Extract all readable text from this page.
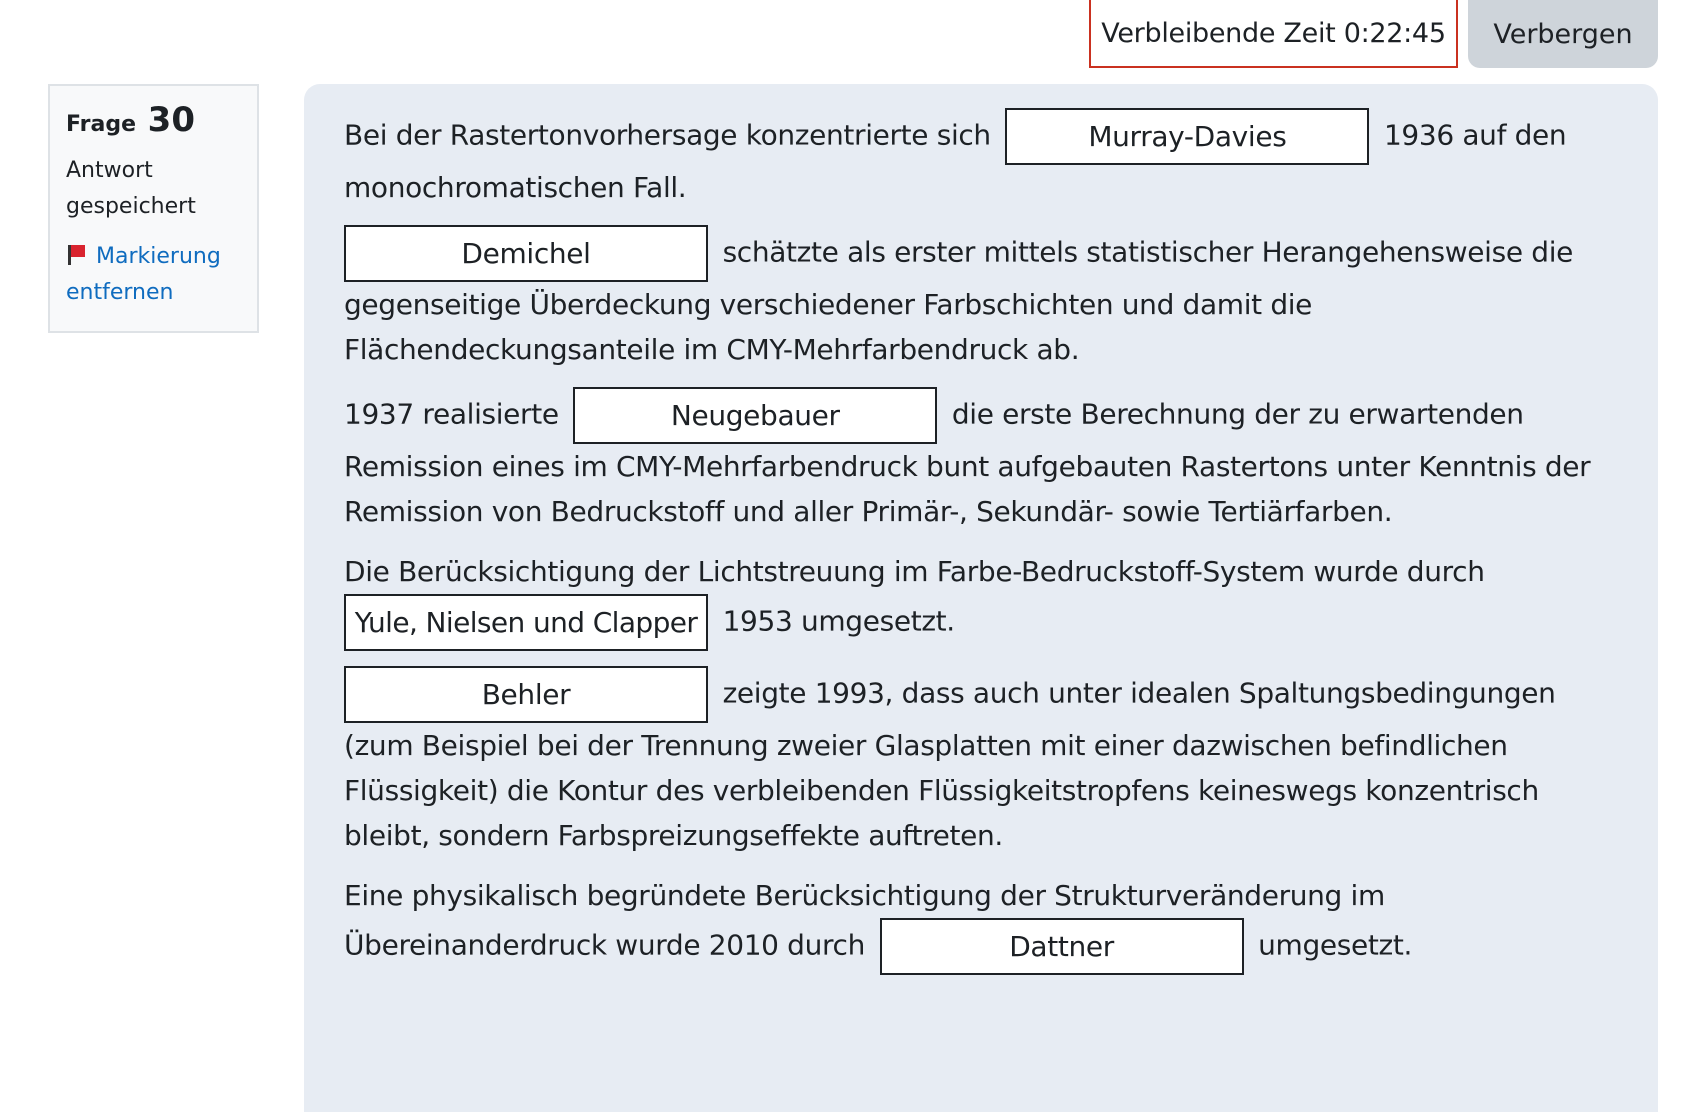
Verbleibende Zeit 0:22:45	Verbergen
Frage 30
Antwort gespeichert
Markierung entfernen

Bei der Rastertonvorhersage konzentrierte sich	Murray-Davies	1936 auf den monochromatischen Fall.

Demichel	schätzte als erster mittels statistischer Herangehensweise die gegenseitige Überdeckung verschiedener Farbschichten und damit die Flächendeckungsanteile im CMY-Mehrfarbendruck ab.

1937 realisierte	Neugebauer	die erste Berechnung der zu erwartenden Remission eines im CMY-Mehrfarbendruck bunt aufgebauten Rastertons unter Kenntnis der Remission von Bedruckstoff und aller Primär-, Sekundär- sowie Tertiärfarben.

Die Berücksichtigung der Lichtstreuung im Farbe-Bedruckstoff-System wurde durch Yule, Nielsen und Clapper 1953 umgesetzt.

Behler	zeigte 1993, dass auch unter idealen Spaltungsbedingungen (zum Beispiel bei der Trennung zweier Glasplatten mit einer dazwischen befindlichen Flüssigkeit) die Kontur des verbleibenden Flüssigkeitstropfens keineswegs konzentrisch bleibt, sondern Farbspreizungseffekte auftreten.

Eine physikalisch begründete Berücksichtigung der Strukturveränderung im Übereinanderdruck wurde 2010 durch	Dattner	umgesetzt.
